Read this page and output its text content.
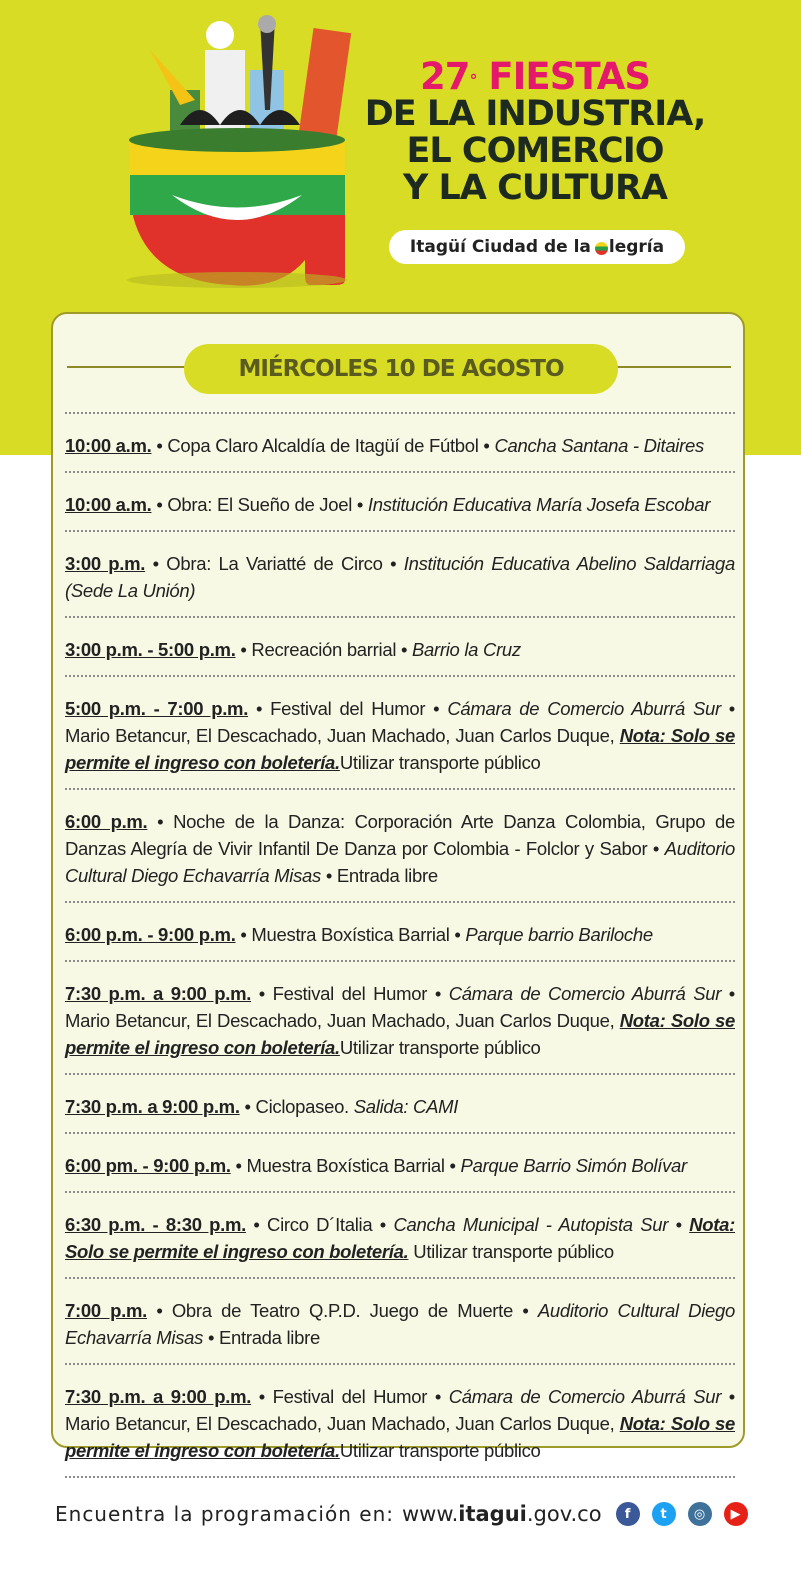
27° FIESTAS
DE LA INDUSTRIA,
EL COMERCIO
Y LA CULTURA
Itagüí Ciudad de la legría
MIÉRCOLES 10 DE AGOSTO
10:00 a.m. • Copa Claro Alcaldía de Itagüí de Fútbol • Cancha Santana - Ditaires
10:00 a.m. • Obra: El Sueño de Joel • Institución Educativa María Josefa Escobar
3:00 p.m. • Obra: La Variatté de Circo • Institución Educativa Abelino Saldarriaga (Sede La Unión)
3:00 p.m. - 5:00 p.m. • Recreación barrial • Barrio la Cruz
5:00 p.m. - 7:00 p.m. • Festival del Humor • Cámara de Comercio Aburrá Sur • Mario Betancur, El Descachado, Juan Machado, Juan Carlos Duque, Nota: Solo se permite el ingreso con boletería.Utilizar transporte público
6:00 p.m. • Noche de la Danza: Corporación Arte Danza Colombia, Grupo de Danzas Alegría de Vivir Infantil De Danza por Colombia - Folclor y Sabor • Auditorio Cultural Diego Echavarría Misas • Entrada libre
6:00 p.m. - 9:00 p.m. • Muestra Boxística Barrial • Parque barrio Bariloche
7:30 p.m. a 9:00 p.m. • Festival del Humor • Cámara de Comercio Aburrá Sur • Mario Betancur, El Descachado, Juan Machado, Juan Carlos Duque, Nota: Solo se permite el ingreso con boletería.Utilizar transporte público
7:30 p.m. a 9:00 p.m. • Ciclopaseo. Salida: CAMI
6:00 pm. - 9:00 p.m. • Muestra Boxística Barrial • Parque Barrio Simón Bolívar
6:30 p.m. - 8:30 p.m. • Circo D´Italia • Cancha Municipal - Autopista Sur • Nota: Solo se permite el ingreso con boletería. Utilizar transporte público
7:00 p.m. • Obra de Teatro Q.P.D. Juego de Muerte • Auditorio Cultural Diego Echavarría Misas • Entrada libre
7:30 p.m. a 9:00 p.m. • Festival del Humor • Cámara de Comercio Aburrá Sur • Mario Betancur, El Descachado, Juan Machado, Juan Carlos Duque, Nota: Solo se permite el ingreso con boletería.Utilizar transporte público
Encuentra la programación en: www.itagui.gov.co	f	t	◎	▶
